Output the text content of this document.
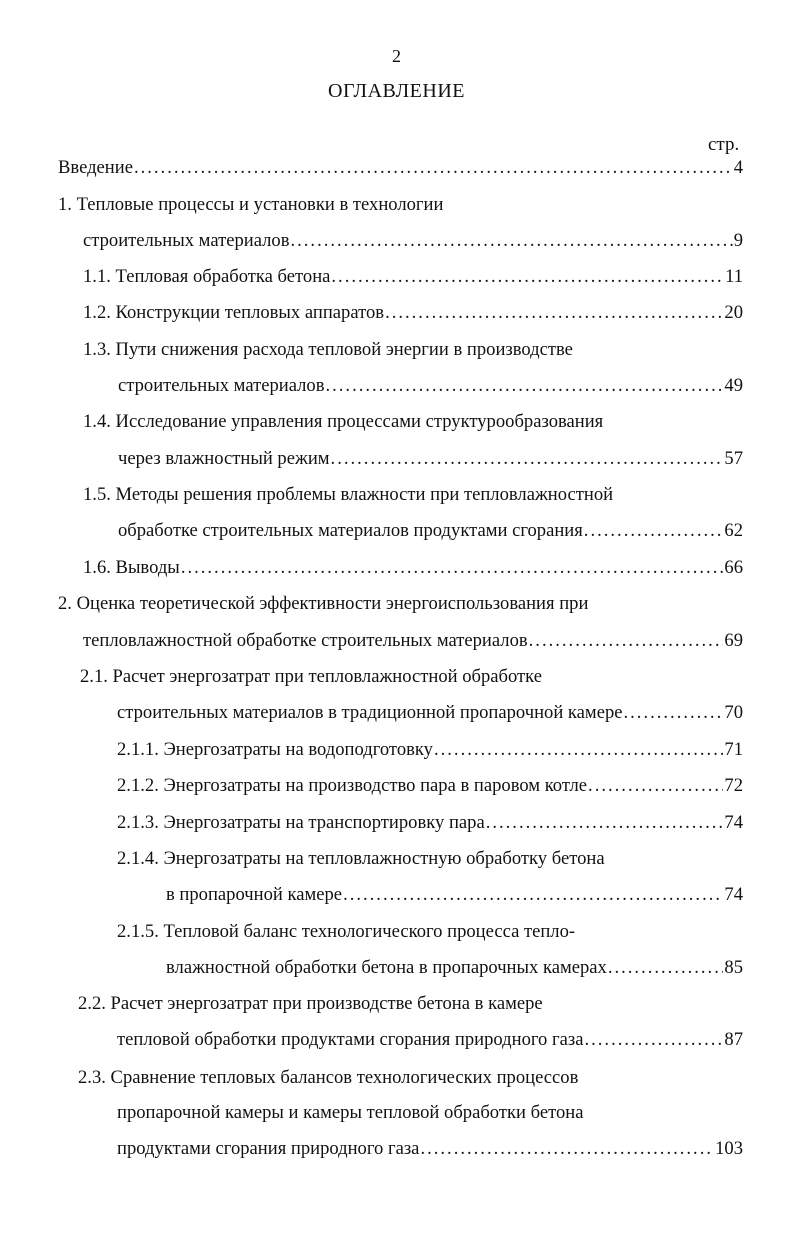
2
ОГЛАВЛЕНИЕ
стр.
Введение .....	4
1. Тепловые процессы и установки в технологии
строительных материалов .....	9
1.1. Тепловая обработка бетона .....	11
1.2. Конструкции тепловых аппаратов .....	20
1.3. Пути снижения расхода тепловой энергии в производстве
строительных материалов .....	49
1.4. Исследование управления процессами структурообразования
через влажностный режим .....	57
1.5. Методы решения проблемы влажности при тепловлажностной
обработке строительных материалов продуктами сгорания .....	62
1.6. Выводы .....	66
2. Оценка теоретической эффективности энергоиспользования при
тепловлажностной обработке строительных материалов .....	69
2.1. Расчет энергозатрат при тепловлажностной обработке
строительных материалов в традиционной пропарочной камере .....	70
2.1.1. Энергозатраты на водоподготовку .....	71
2.1.2. Энергозатраты на производство пара в паровом котле .....	72
2.1.3. Энергозатраты на транспортировку пара .....	74
2.1.4. Энергозатраты на тепловлажностную обработку бетона
в пропарочной камере .....	74
2.1.5. Тепловой баланс технологического процесса тепло-
влажностной обработки бетона в пропарочных камерах .....	85
2.2. Расчет энергозатрат при производстве бетона в камере
тепловой обработки продуктами сгорания природного газа .....	87
2.3. Сравнение тепловых балансов технологических процессов
пропарочной камеры и камеры тепловой обработки бетона
продуктами сгорания природного газа .....	103
